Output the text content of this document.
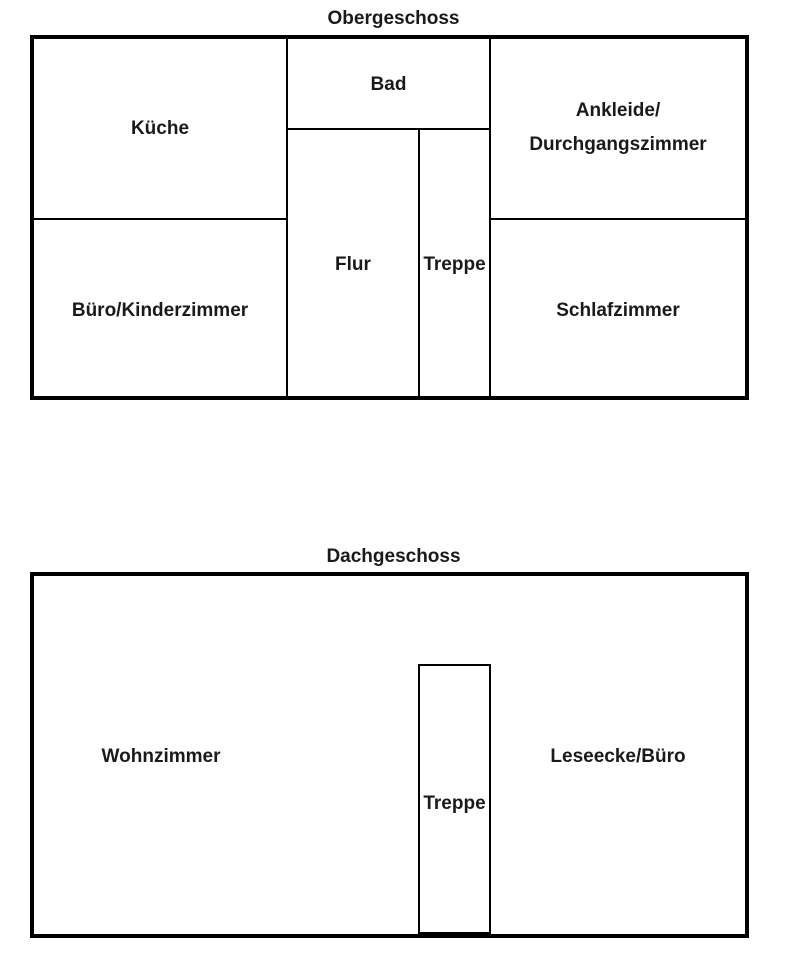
Obergeschoss
Küche
Bad
Ankleide/
Durchgangszimmer
Flur	Treppe
Büro/Kinderzimmer	Schlafzimmer
Dachgeschoss
Wohnzimmer
Treppe
Leseecke/Büro
